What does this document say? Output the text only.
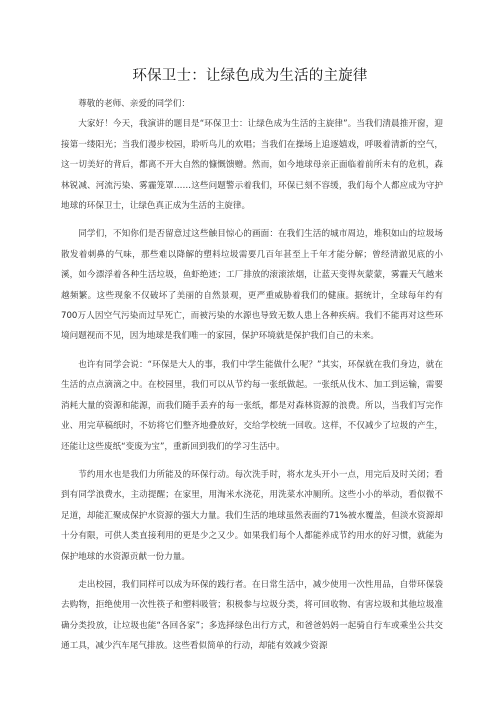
环保卫士：让绿色成为生活的主旋律

尊敬的老师、亲爱的同学们：

大家好！今天，我演讲的题目是“环保卫士：让绿色成为生活的主旋律”。当我们清晨推开窗，迎接第一缕阳光；当我们漫步校园，聆听鸟儿的欢唱；当我们在操场上追逐嬉戏，呼吸着清新的空气，这一切美好的背后，都离不开大自然的慷慨馈赠。然而，如今地球母亲正面临着前所未有的危机，森林锐减、河流污染、雾霾笼罩……这些问题警示着我们，环保已刻不容缓，我们每个人都应成为守护地球的环保卫士，让绿色真正成为生活的主旋律。

同学们，不知你们是否留意过这些触目惊心的画面：在我们生活的城市周边，堆积如山的垃圾场散发着刺鼻的气味，那些难以降解的塑料垃圾需要几百年甚至上千年才能分解；曾经清澈见底的小溪，如今漂浮着各种生活垃圾，鱼虾绝迹；工厂排放的滚滚浓烟，让蓝天变得灰蒙蒙，雾霾天气越来越频繁。这些现象不仅破坏了美丽的自然景观，更严重威胁着我们的健康。据统计，全球每年约有700万人因空气污染而过早死亡，而被污染的水源也导致无数人患上各种疾病。我们不能再对这些环境问题视而不见，因为地球是我们唯一的家园，保护环境就是保护我们自己的未来。

也许有同学会说：“环保是大人的事，我们中学生能做什么呢？”其实，环保就在我们身边，就在生活的点点滴滴之中。在校园里，我们可以从节约每一张纸做起。一张纸从伐木、加工到运输，需要消耗大量的资源和能源，而我们随手丢弃的每一张纸，都是对森林资源的浪费。所以，当我们写完作业、用完草稿纸时，不妨将它们整齐地叠放好，交给学校统一回收。这样，不仅减少了垃圾的产生，还能让这些废纸“变废为宝”，重新回到我们的学习生活中。

节约用水也是我们力所能及的环保行动。每次洗手时，将水龙头开小一点，用完后及时关闭；看到有同学浪费水，主动提醒；在家里，用淘米水浇花，用洗菜水冲厕所。这些小小的举动，看似微不足道，却能汇聚成保护水资源的强大力量。我们生活的地球虽然表面约71%被水覆盖，但淡水资源却十分有限，可供人类直接利用的更是少之又少。如果我们每个人都能养成节约用水的好习惯，就能为保护地球的水资源贡献一份力量。

走出校园，我们同样可以成为环保的践行者。在日常生活中，减少使用一次性用品，自带环保袋去购物，拒绝使用一次性筷子和塑料吸管；积极参与垃圾分类，将可回收物、有害垃圾和其他垃圾准确分类投放，让垃圾也能“各回各家”；多选择绿色出行方式，和爸爸妈妈一起骑自行车或乘坐公共交通工具，减少汽车尾气排放。这些看似简单的行动，却能有效减少资源
